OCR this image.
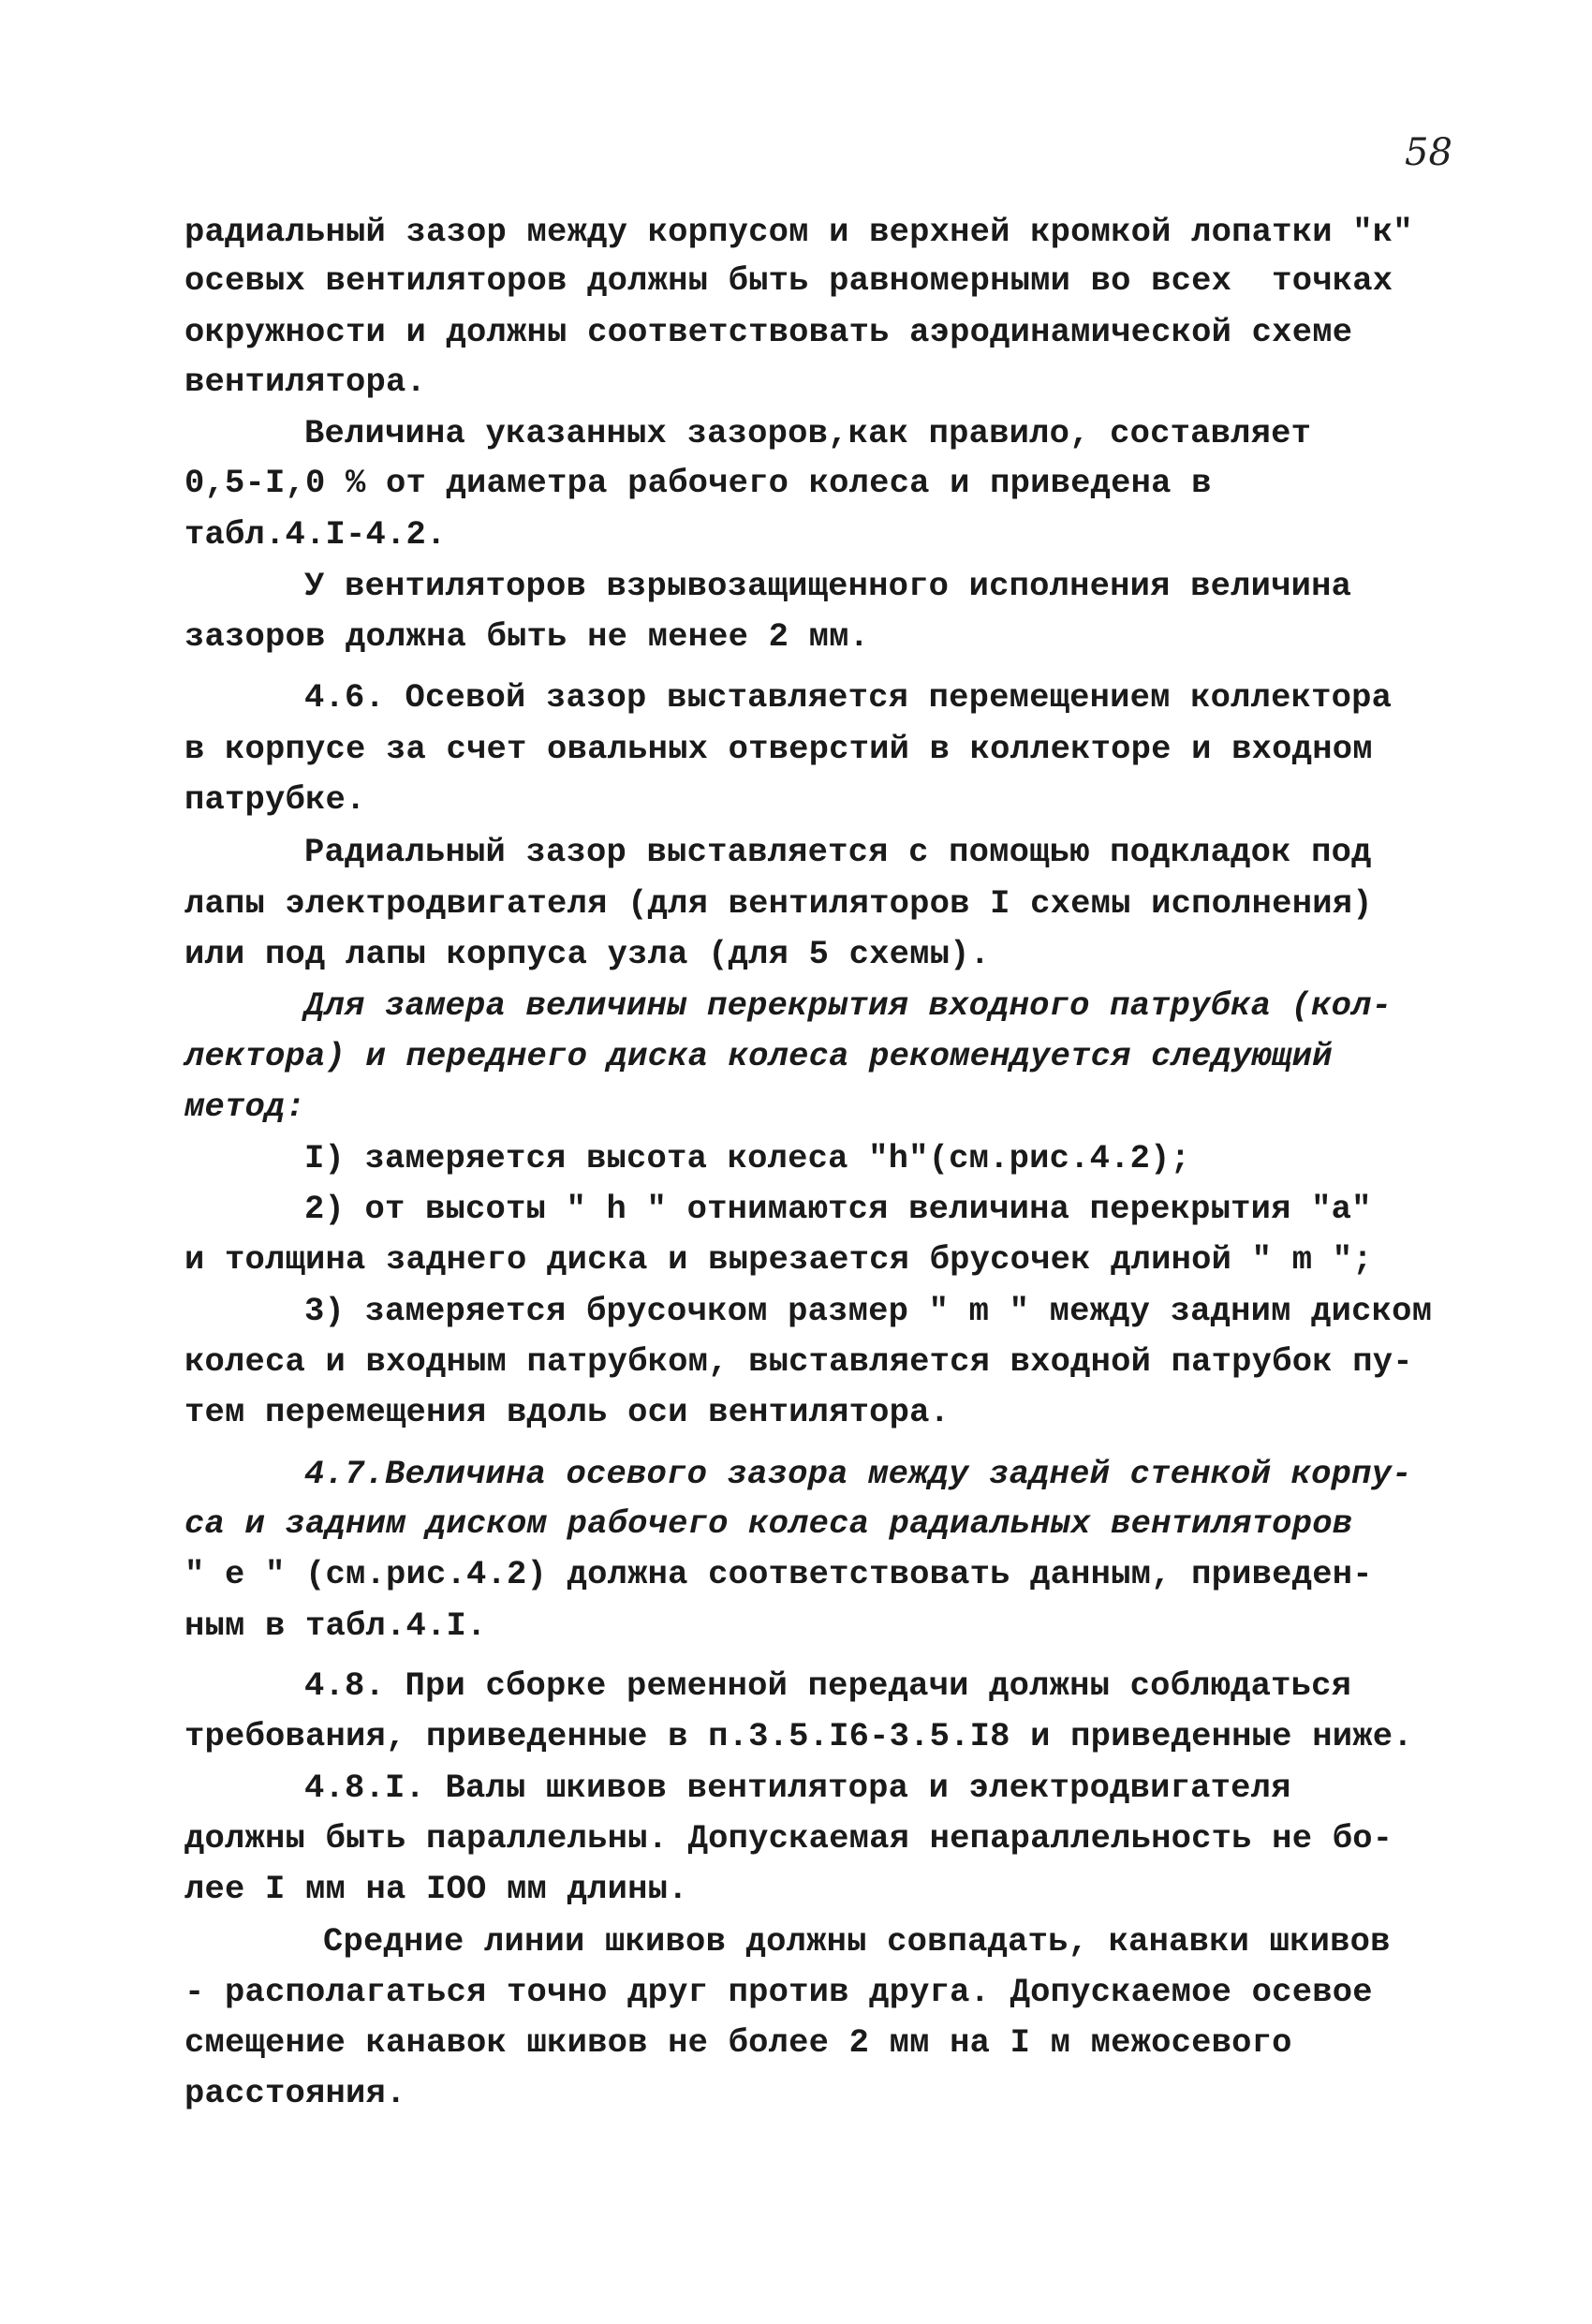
58
радиальный зазор между корпусом и верхней кромкой лопатки "к"
осевых вентиляторов должны быть равномерными во всех  точках
окружности и должны соответствовать аэродинамической схеме
вентилятора.
Величина указанных зазоров,как правило, составляет
0,5-I,0 % от диаметра рабочего колеса и приведена в
табл.4.I-4.2.
У вентиляторов взрывозащищенного исполнения величина
зазоров должна быть не менее 2 мм.
4.6. Осевой зазор выставляется перемещением коллектора
в корпусе за счет овальных отверстий в коллекторе и входном
патрубке.
Радиальный зазор выставляется с помощью подкладок под
лапы электродвигателя (для вентиляторов I схемы исполнения)
или под лапы корпуса узла (для 5 схемы).
Для замера величины перекрытия входного патрубка (кол-
лектора) и переднего диска колеса рекомендуется следующий
метод:
I) замеряется высота колеса "h"(см.рис.4.2);
2) от высоты " h " отнимаются величина перекрытия "a"
и толщина заднего диска и вырезается брусочек длиной " m ";
3) замеряется брусочком размер " m " между задним диском
колеса и входным патрубком, выставляется входной патрубок пу-
тем перемещения вдоль оси вентилятора.
4.7.Величина осевого зазора между задней стенкой корпу-
са и задним диском рабочего колеса радиальных вентиляторов
" e " (см.рис.4.2) должна соответствовать данным, приведен-
ным в табл.4.I.
4.8. При сборке ременной передачи должны соблюдаться
требования, приведенные в п.3.5.I6-3.5.I8 и приведенные ниже.
4.8.I. Валы шкивов вентилятора и электродвигателя
должны быть параллельны. Допускаемая непараллельность не бо-
лее I мм на IOO мм длины.
Средние линии шкивов должны совпадать, канавки шкивов
- располагаться точно друг против друга. Допускаемое осевое
смещение канавок шкивов не более 2 мм на I м межосевого
расстояния.
